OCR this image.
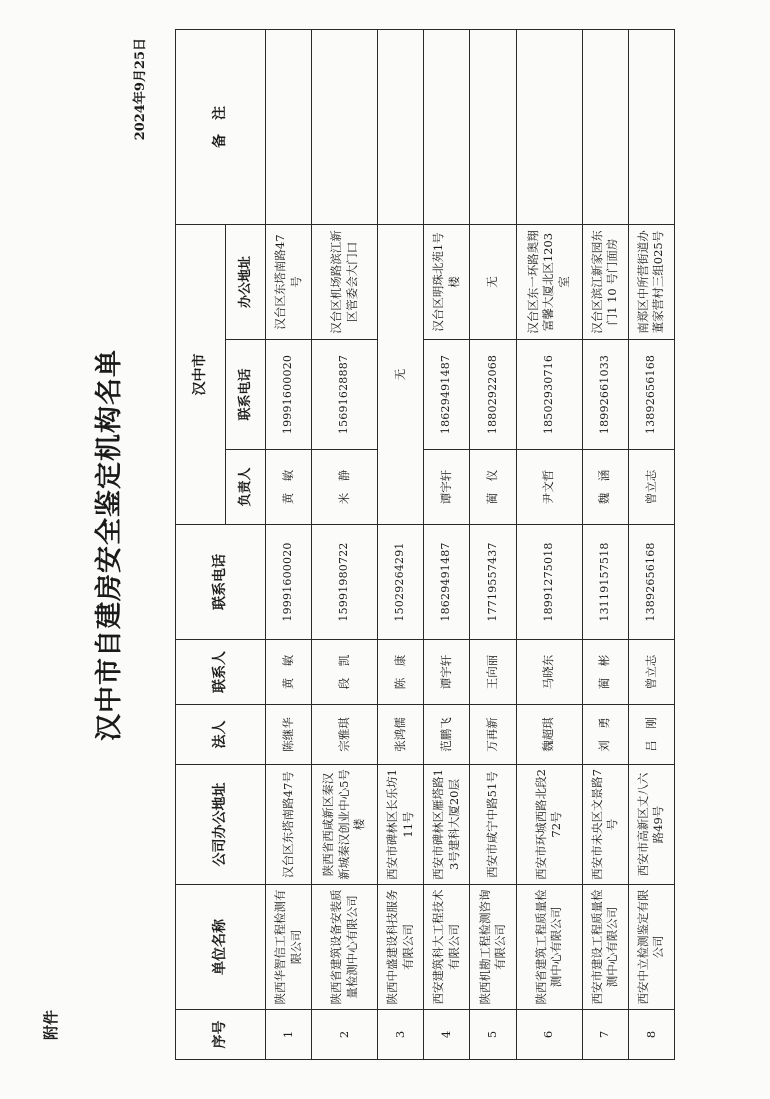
附件
汉中市自建房安全鉴定机构名单
2024年9月25日
序号	单位名称	公司办公地址	法人	联系人	联系电话	汉中市			备　注
						负责人	联系电话	办公地址	
1	陕西华智信工程检测有限公司	汉台区东塔南路47号	陈继华	黄　敏	19991600020	黄　敏	19991600020	汉台区东塔南路47号	
2	陕西省建筑设备安装质量检测中心有限公司	陕西省西咸新区秦汉新城秦汉创业中心5号楼	宗雅琪	段　凯	15991980722	米　静	15691628887	汉台区机场路滨江新区管委会大门口	
3	陕西中盛建设科技服务有限公司	西安市碑林区长乐坊111号	张鸿儒	陈　康	15029264291	无			
4	西安建筑科大工程技术有限公司	西安市碑林区雁塔路13号建科大厦20层	范鹏飞	谭宇轩	18629491487	谭宇轩	18629491487	汉台区明珠北苑1号楼	
5	陕西机勘工程检测咨询有限公司	西安市咸宁中路51号	万再新	王向丽	17719557437	蔺　仪	18802922068	无	
6	陕西省建筑工程质量检测中心有限公司	西安市环城西路北段272号	魏超琪	马晓东	18991275018	尹文哲	18502930716	汉台区东一环路奥翔富馨大厦北区1203室	
7	西安市建设工程质量检测中心有限公司	西安市未央区文景路7号	刘　勇	蔺　彬	13119157518	魏　涵	18992661033	汉台区滨江新家园东门1 10 号门面房	
8	西安中立检测鉴定有限公司	西安市高新区丈八六路49号	吕　刚	曾立志	13892656168	曾立志	13892656168	南郑区中所营街道办董家营村三组025号	
